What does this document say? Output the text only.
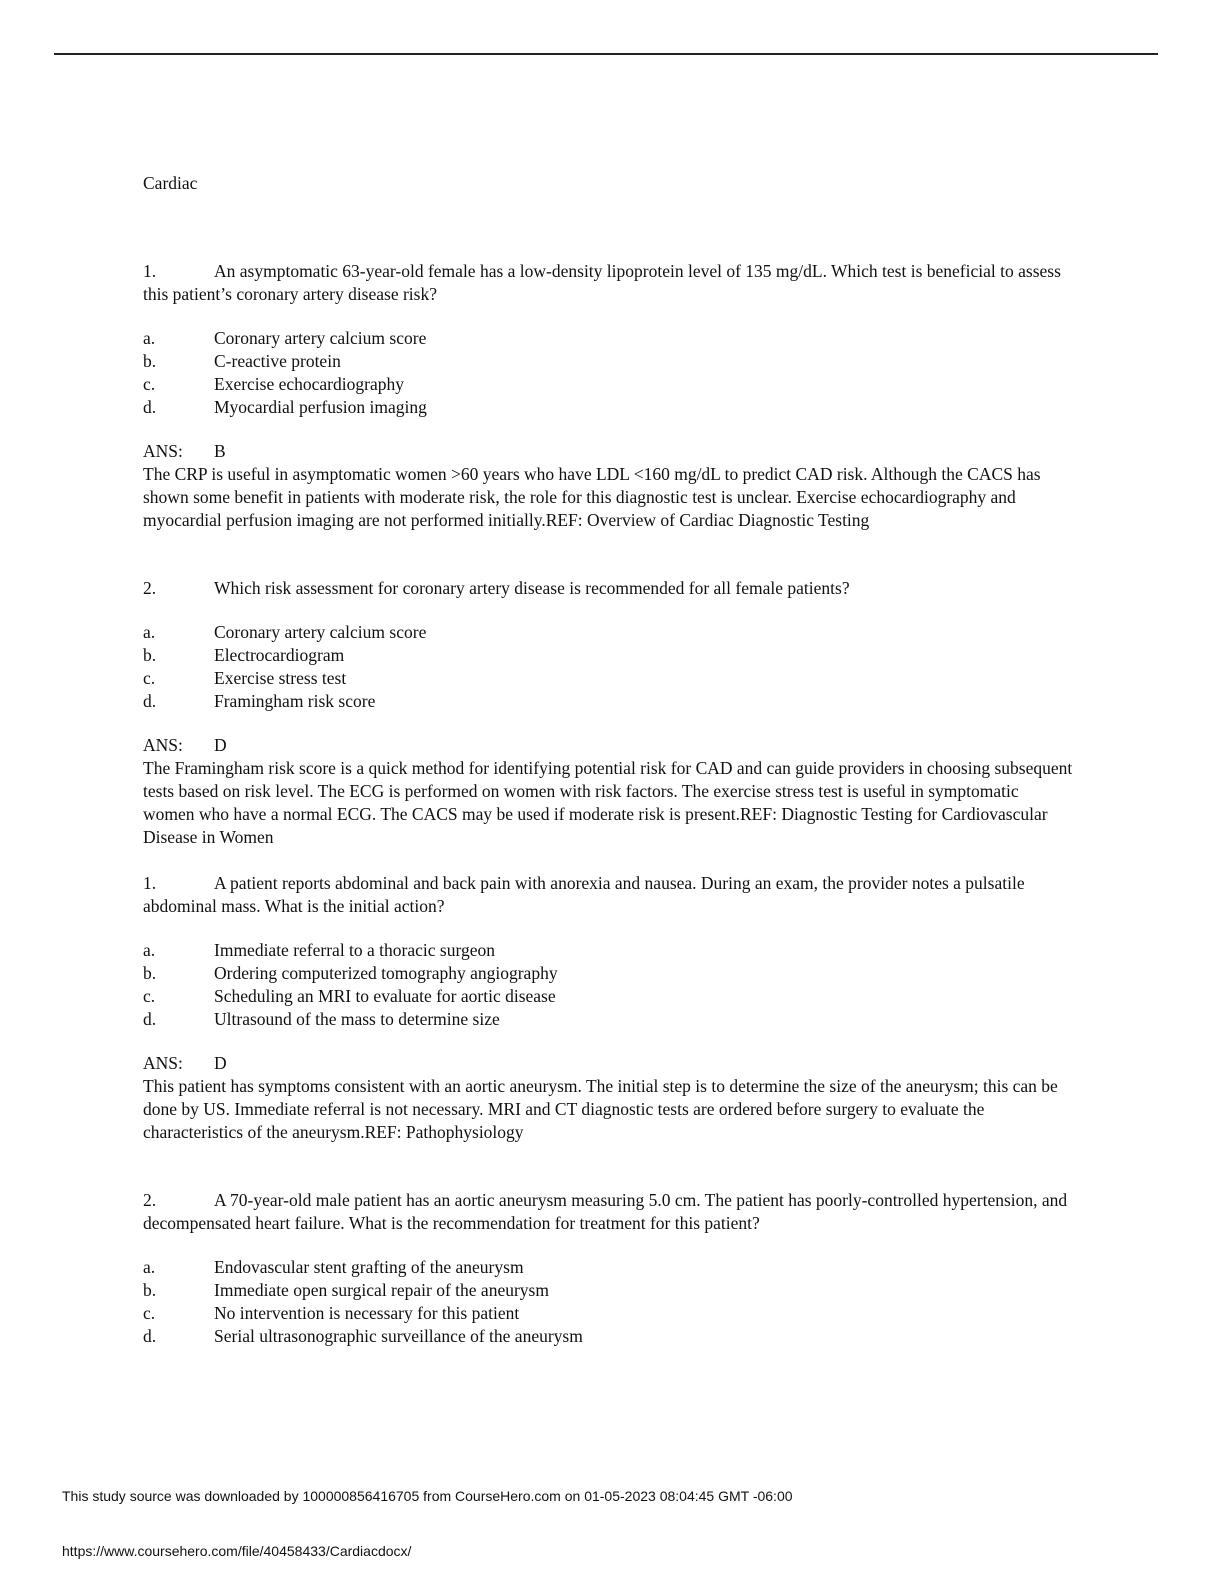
Cardiac
1.	An asymptomatic 63-year-old female has a low-density lipoprotein level of 135 mg/dL. Which test is beneficial to assess this patient’s coronary artery disease risk?
a.	Coronary artery calcium score
b.	C-reactive protein
c.	Exercise echocardiography
d.	Myocardial perfusion imaging
ANS:	B

The CRP is useful in asymptomatic women >60 years who have LDL <160 mg/dL to predict CAD risk. Although the CACS has shown some benefit in patients with moderate risk, the role for this diagnostic test is unclear. Exercise echocardiography and myocardial perfusion imaging are not performed initially.REF: Overview of Cardiac Diagnostic Testing

2.	Which risk assessment for coronary artery disease is recommended for all female patients?
a.	Coronary artery calcium score
b.	Electrocardiogram
c.	Exercise stress test
d.	Framingham risk score
ANS:	D

The Framingham risk score is a quick method for identifying potential risk for CAD and can guide providers in choosing subsequent tests based on risk level. The ECG is performed on women with risk factors. The exercise stress test is useful in symptomatic women who have a normal ECG. The CACS may be used if moderate risk is present.REF: Diagnostic Testing for Cardiovascular Disease in Women

1.	A patient reports abdominal and back pain with anorexia and nausea. During an exam, the provider notes a pulsatile abdominal mass. What is the initial action?
a.	Immediate referral to a thoracic surgeon
b.	Ordering computerized tomography angiography
c.	Scheduling an MRI to evaluate for aortic disease
d.	Ultrasound of the mass to determine size
ANS:	D

This patient has symptoms consistent with an aortic aneurysm. The initial step is to determine the size of the aneurysm; this can be done by US. Immediate referral is not necessary. MRI and CT diagnostic tests are ordered before surgery to evaluate the characteristics of the aneurysm.REF: Pathophysiology

2.	A 70-year-old male patient has an aortic aneurysm measuring 5.0 cm. The patient has poorly-controlled hypertension, and decompensated heart failure. What is the recommendation for treatment for this patient?
a.	Endovascular stent grafting of the aneurysm
b.	Immediate open surgical repair of the aneurysm
c.	No intervention is necessary for this patient
d.	Serial ultrasonographic surveillance of the aneurysm
This study source was downloaded by 100000856416705 from CourseHero.com on 01-05-2023 08:04:45 GMT -06:00
https://www.coursehero.com/file/40458433/Cardiacdocx/
